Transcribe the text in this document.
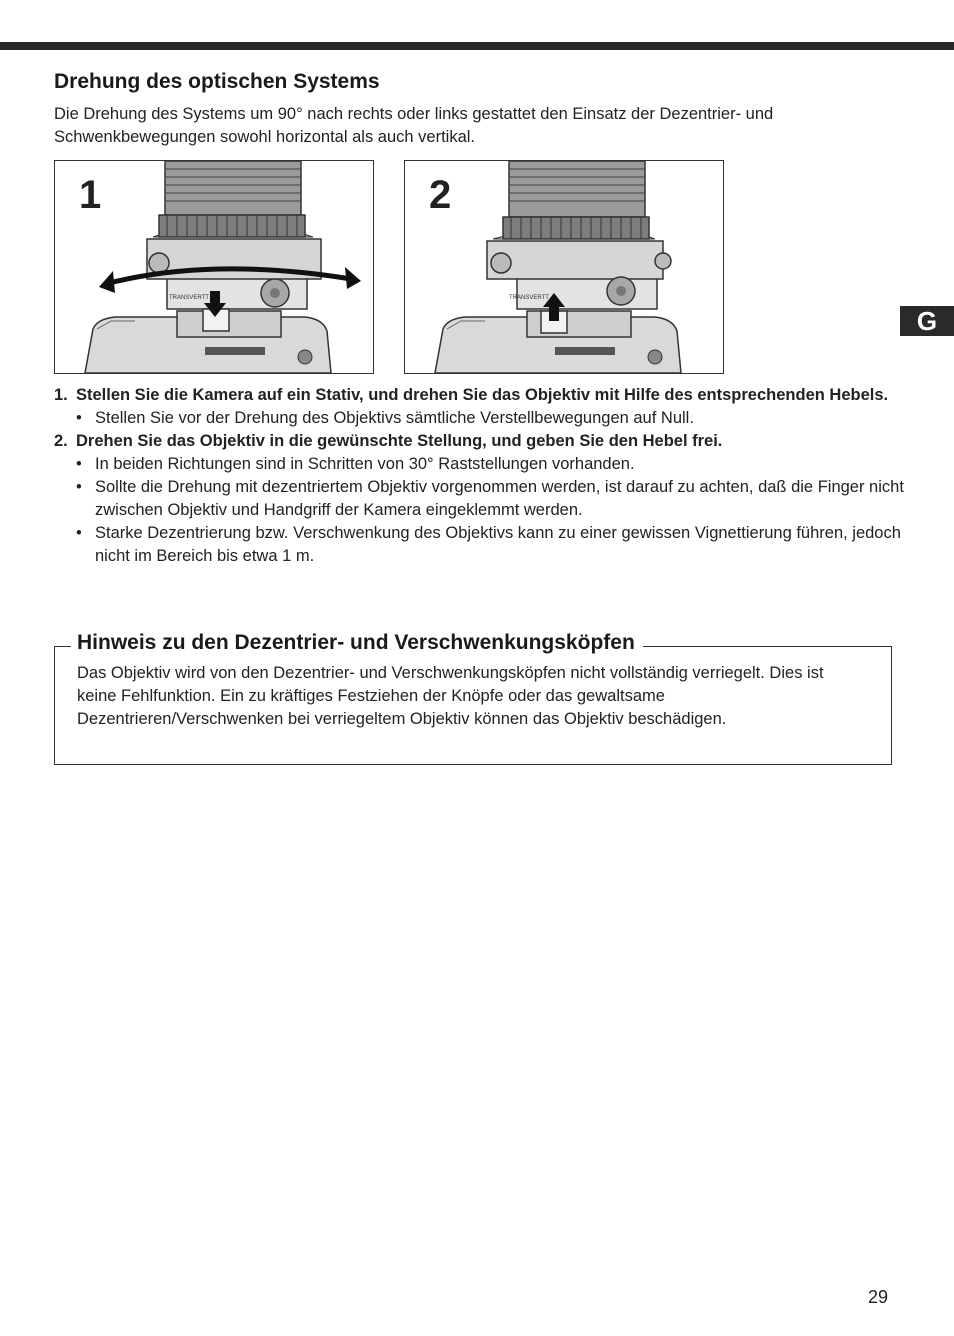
Drehung des optischen Systems

Die Drehung des Systems um 90° nach rechts oder links gestattet den Einsatz der Dezentrier- und Schwenkbewegungen sowohl horizontal als auch vertikal.

TRANSVERTT
1
TRANSVERTT
2
G
1. Stellen Sie die Kamera auf ein Stativ, und drehen Sie das Objektiv mit Hilfe des entsprechenden Hebels.
• Stellen Sie vor der Drehung des Objektivs sämtliche Verstellbewegungen auf Null.
2. Drehen Sie das Objektiv in die gewünschte Stellung, und geben Sie den Hebel frei.
• In beiden Richtungen sind in Schritten von 30° Raststellungen vorhanden.
• Sollte die Drehung mit dezentriertem Objektiv vorgenommen werden, ist darauf zu achten, daß die Finger nicht zwischen Objektiv und Handgriff der Kamera eingeklemmt werden.
• Starke Dezentrierung bzw. Verschwenkung des Objektivs kann zu einer gewissen Vignettierung führen, jedoch nicht im Bereich bis etwa 1 m.
Hinweis zu den Dezentrier- und Verschwenkungsköpfen

Das Objektiv wird von den Dezentrier- und Verschwenkungsköpfen nicht vollständig verriegelt. Dies ist keine Fehlfunktion. Ein zu kräftiges Festziehen der Knöpfe oder das gewaltsame Dezentrieren/Verschwenken bei verriegeltem Objektiv können das Objektiv beschädigen.

29
